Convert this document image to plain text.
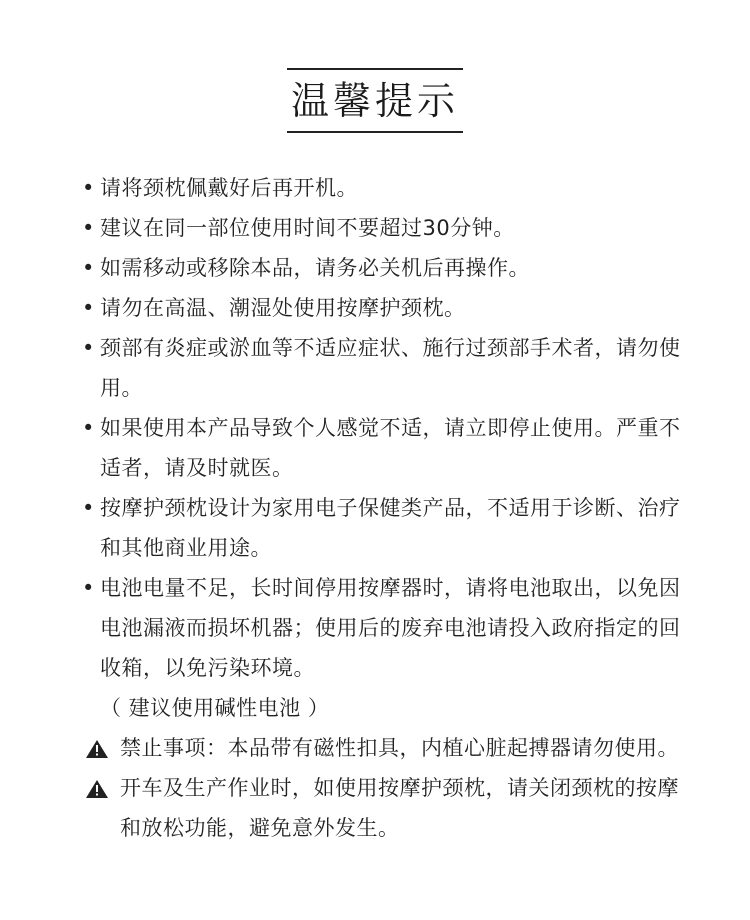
温馨提示
• 请将颈枕佩戴好后再开机。
• 建议在同一部位使用时间不要超过30分钟。
• 如需移动或移除本品，请务必关机后再操作。
• 请勿在高温、潮湿处使用按摩护颈枕。
• 颈部有炎症或淤血等不适应症状、施行过颈部手术者，请勿使用。
• 如果使用本产品导致个人感觉不适，请立即停止使用。严重不适者，请及时就医。
• 按摩护颈枕设计为家用电子保健类产品，不适用于诊断、治疗和其他商业用途。
• 电池电量不足，长时间停用按摩器时，请将电池取出，以免因电池漏液而损坏机器；使用后的废弃电池请投入政府指定的回收箱，以免污染环境。
（ 建议使用碱性电池 ）
禁止事项：本品带有磁性扣具，内植心脏起搏器请勿使用。
开车及生产作业时，如使用按摩护颈枕，请关闭颈枕的按摩和放松功能，避免意外发生。
